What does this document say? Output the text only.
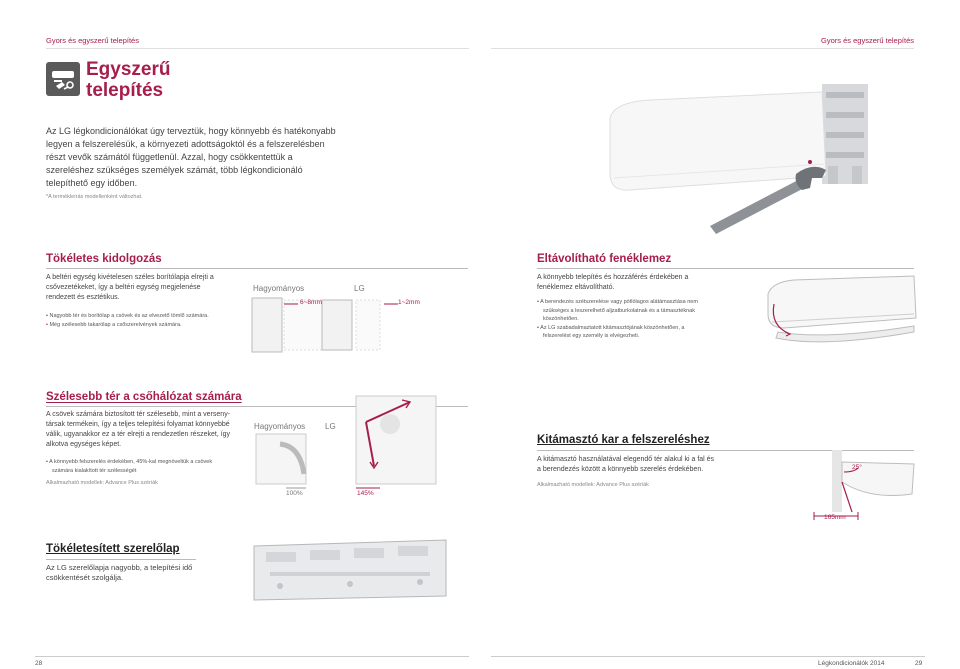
Gyors és egyszerű telepítés	Gyors és egyszerű telepítés
Egyszerű
telepítés
Az LG légkondicionálókat úgy terveztük, hogy könnyebb és hatékonyabb
legyen a felszerelésük, a környezeti adottságoktól és a felszerelésben
részt vevők számától függetlenül. Azzal, hogy csökkentettük a
szereléshez szükséges személyek számát, több légkondicionáló
telepíthető egy időben.
*A termékleírás modellenként változhat.
Tökéletes kidolgozás
A beltéri egység kivételesen széles borítólapja elrejti a
csővezetékeket, így a beltéri egység megjelenése
rendezett és esztétikus.
• Nagyobb tér és borítólap a csövek és az elvezető tömlő számára.
• Még szélesebb takarólap a csőszerelvények számára.
Hagyományos	LG
6~8mm	1~2mm
Eltávolítható fenéklemez
A könnyebb telepítés és hozzáférés érdekében a
fenéklemez eltávolítható.
• A berendezés szétszerelése vagy pótlólagos alátámasztása nem
szükséges a leszerelhető aljzatburkolatnak és a támasztéknak
köszönhetően.
• Az LG szabadalmaztatott kitámasztójának köszönhetően, a
felszerelést egy személy is elvégezheti.
Szélesebb tér a csőhálózat számára
A csövek számára biztosított tér szélesebb, mint a verseny-
társak termékein, így a teljes telepítési folyamat könnyebbé
válik, ugyanakkor ez a tér elrejti a rendezetlen részeket, így
alkotva egységes képet.
• A könnyebb felszerelés érdekében, 45%-kal megnöveltük a csövek
számára kialakított tér szélességét
Alkalmazható modellek: Advance Plus szériák
Hagyományos LG
100%	145%
Kitámasztó kar a felszereléshez
A kitámasztó használatával elegendő tér alakul ki a fal és
a berendezés között a könnyebb szerelés érdekében.
Alkalmazható modellek: Advance Plus szériák
25°
165mm
Tökéletesített szerelőlap
Az LG szerelőlapja nagyobb, a telepítési idő
csökkentését szolgálja.
28	Légkondicionálók 2014	29
